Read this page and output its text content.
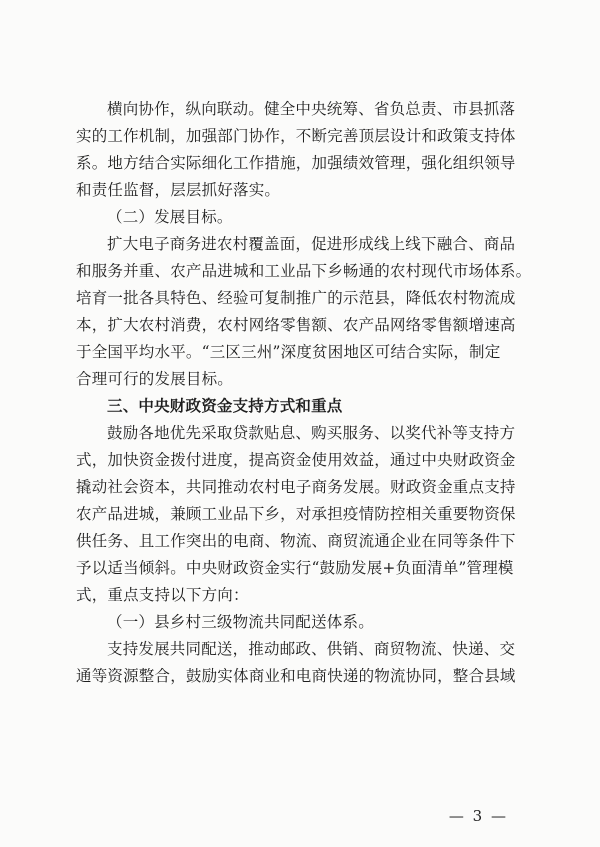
横向协作，纵向联动。健全中央统筹、省负总责、市县抓落
实的工作机制，加强部门协作，不断完善顶层设计和政策支持体
系。地方结合实际细化工作措施，加强绩效管理，强化组织领导
和责任监督，层层抓好落实。
（二）发展目标。
扩大电子商务进农村覆盖面，促进形成线上线下融合、商品
和服务并重、农产品进城和工业品下乡畅通的农村现代市场体系。
培育一批各具特色、经验可复制推广的示范县，降低农村物流成
本，扩大农村消费，农村网络零售额、农产品网络零售额增速高
于全国平均水平。“三区三州”深度贫困地区可结合实际，制定
合理可行的发展目标。
三、中央财政资金支持方式和重点
鼓励各地优先采取贷款贴息、购买服务、以奖代补等支持方
式，加快资金拨付进度，提高资金使用效益，通过中央财政资金
撬动社会资本，共同推动农村电子商务发展。财政资金重点支持
农产品进城，兼顾工业品下乡，对承担疫情防控相关重要物资保
供任务、且工作突出的电商、物流、商贸流通企业在同等条件下
予以适当倾斜。中央财政资金实行“鼓励发展+负面清单”管理模
式，重点支持以下方向：
（一）县乡村三级物流共同配送体系。
支持发展共同配送，推动邮政、供销、商贸物流、快递、交
通等资源整合，鼓励实体商业和电商快递的物流协同，整合县域
— 3 —
